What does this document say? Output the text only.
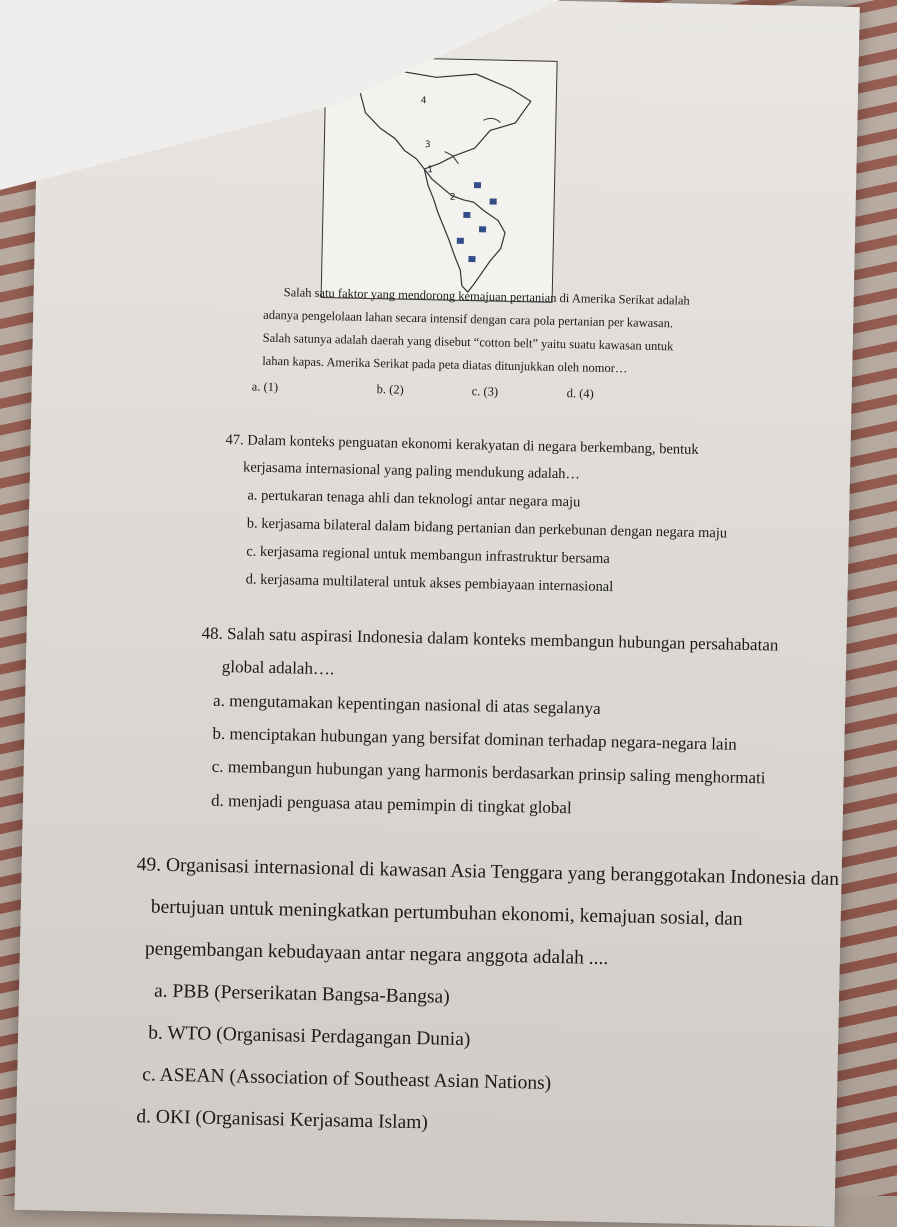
4
3
1
2
Salah satu faktor yang mendorong kemajuan pertanian di Amerika Serikat adalah
adanya pengelolaan lahan secara intensif dengan cara pola pertanian per kawasan.
Salah satunya adalah daerah yang disebut “cotton belt” yaitu suatu kawasan untuk
lahan kapas. Amerika Serikat pada peta diatas ditunjukkan oleh nomor…
a. (1)	b. (2)	c. (3)	d. (4)
47. Dalam konteks penguatan ekonomi kerakyatan di negara berkembang, bentuk
kerjasama internasional yang paling mendukung adalah…
a. pertukaran tenaga ahli dan teknologi antar negara maju
b. kerjasama bilateral dalam bidang pertanian dan perkebunan dengan negara maju
c. kerjasama regional untuk membangun infrastruktur bersama
d. kerjasama multilateral untuk akses pembiayaan internasional
48. Salah satu aspirasi Indonesia dalam konteks membangun hubungan persahabatan
global adalah….
a. mengutamakan kepentingan nasional di atas segalanya
b. menciptakan hubungan yang bersifat dominan terhadap negara-negara lain
c. membangun hubungan yang harmonis berdasarkan prinsip saling menghormati
d. menjadi penguasa atau pemimpin di tingkat global
49. Organisasi internasional di kawasan Asia Tenggara yang beranggotakan Indonesia dan
bertujuan untuk meningkatkan pertumbuhan ekonomi, kemajuan sosial, dan
pengembangan kebudayaan antar negara anggota adalah ....
a. PBB (Perserikatan Bangsa-Bangsa)
b. WTO (Organisasi Perdagangan Dunia)
c. ASEAN (Association of Southeast Asian Nations)
d. OKI (Organisasi Kerjasama Islam)
